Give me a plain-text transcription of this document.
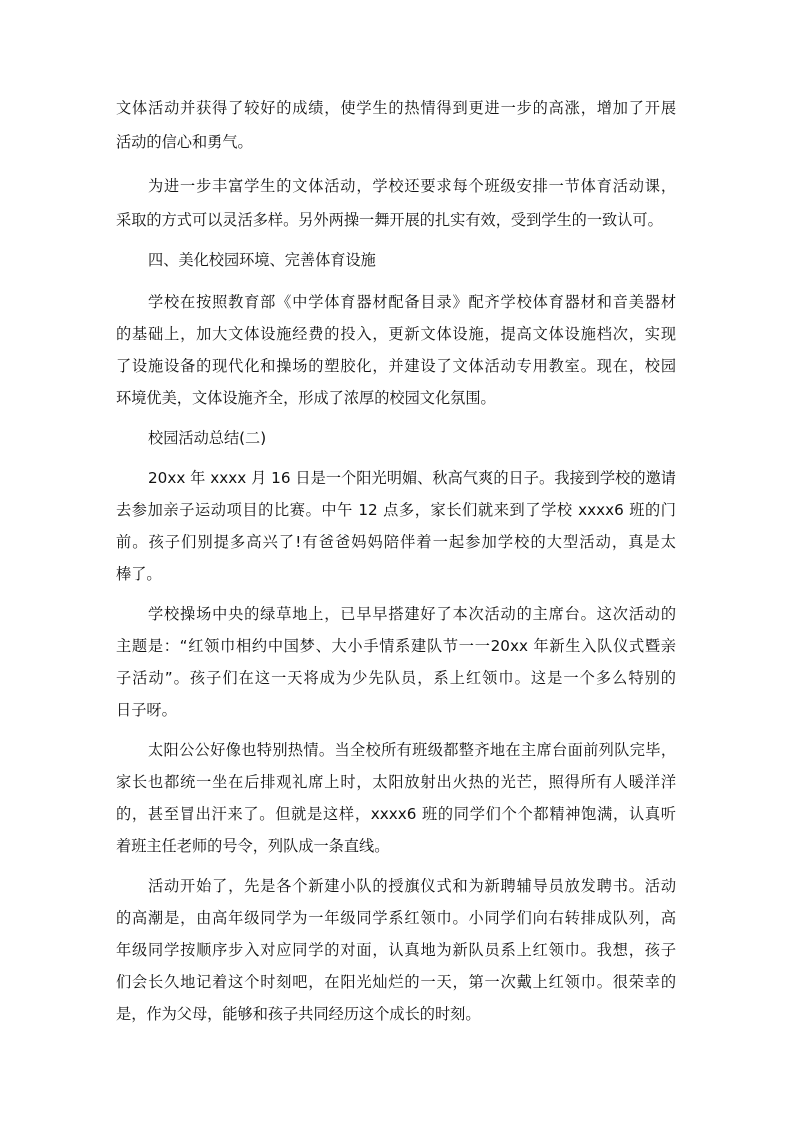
文体活动并获得了较好的成绩，使学生的热情得到更进一步的高涨，增加了开展
活动的信心和勇气。
为进一步丰富学生的文体活动，学校还要求每个班级安排一节体育活动课，
采取的方式可以灵活多样。另外两操一舞开展的扎实有效，受到学生的一致认可。
四、美化校园环境、完善体育设施
学校在按照教育部《中学体育器材配备目录》配齐学校体育器材和音美器材
的基础上，加大文体设施经费的投入，更新文体设施，提高文体设施档次，实现
了设施设备的现代化和操场的塑胶化，并建设了文体活动专用教室。现在，校园
环境优美，文体设施齐全，形成了浓厚的校园文化氛围。
校园活动总结(二)
20xx 年 xxxx 月 16 日是一个阳光明媚、秋高气爽的日子。我接到学校的邀请
去参加亲子运动项目的比赛。中午 12 点多，家长们就来到了学校 xxxx6 班的门
前。孩子们别提多高兴了!有爸爸妈妈陪伴着一起参加学校的大型活动，真是太
棒了。
学校操场中央的绿草地上，已早早搭建好了本次活动的主席台。这次活动的
主题是：“红领巾相约中国梦、大小手情系建队节一一20xx 年新生入队仪式暨亲
子活动”。孩子们在这一天将成为少先队员，系上红领巾。这是一个多么特别的
日子呀。
太阳公公好像也特别热情。当全校所有班级都整齐地在主席台面前列队完毕，
家长也都统一坐在后排观礼席上时，太阳放射出火热的光芒，照得所有人暖洋洋
的，甚至冒出汗来了。但就是这样，xxxx6 班的同学们个个都精神饱满，认真听
着班主任老师的号令，列队成一条直线。
活动开始了，先是各个新建小队的授旗仪式和为新聘辅导员放发聘书。活动
的高潮是，由高年级同学为一年级同学系红领巾。小同学们向右转排成队列，高
年级同学按顺序步入对应同学的对面，认真地为新队员系上红领巾。我想，孩子
们会长久地记着这个时刻吧，在阳光灿烂的一天，第一次戴上红领巾。很荣幸的
是，作为父母，能够和孩子共同经历这个成长的时刻。
